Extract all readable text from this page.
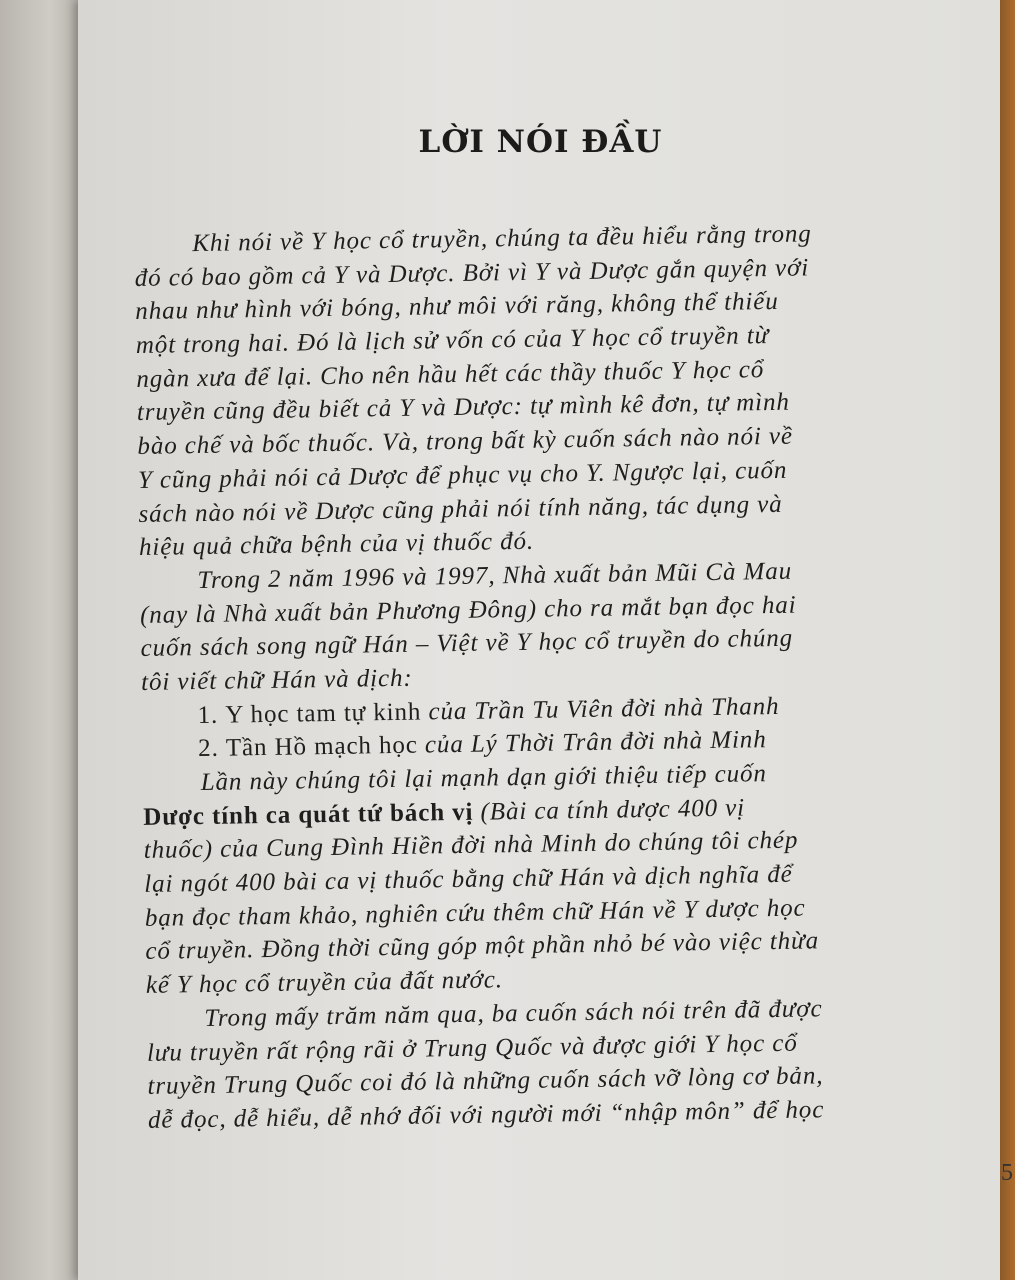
LỜI NÓI ĐẦU
Khi nói về Y học cổ truyền, chúng ta đều hiểu rằng trong
đó có bao gồm cả Y và Dược. Bởi vì Y và Dược gắn quyện với
nhau như hình với bóng, như môi với răng, không thể thiếu
một trong hai. Đó là lịch sử vốn có của Y học cổ truyền từ
ngàn xưa để lại. Cho nên hầu hết các thầy thuốc Y học cổ
truyền cũng đều biết cả Y và Dược: tự mình kê đơn, tự mình
bào chế và bốc thuốc. Và, trong bất kỳ cuốn sách nào nói về
Y cũng phải nói cả Dược để phục vụ cho Y. Ngược lại, cuốn
sách nào nói về Dược cũng phải nói tính năng, tác dụng và
hiệu quả chữa bệnh của vị thuốc đó.
Trong 2 năm 1996 và 1997, Nhà xuất bản Mũi Cà Mau
(nay là Nhà xuất bản Phương Đông) cho ra mắt bạn đọc hai
cuốn sách song ngữ Hán – Việt về Y học cổ truyền do chúng
tôi viết chữ Hán và dịch:
1. Y học tam tự kinh của Trần Tu Viên đời nhà Thanh
2. Tần Hồ mạch học của Lý Thời Trân đời nhà Minh
Lần này chúng tôi lại mạnh dạn giới thiệu tiếp cuốn
Dược tính ca quát tứ bách vị (Bài ca tính dược 400 vị
thuốc) của Cung Đình Hiền đời nhà Minh do chúng tôi chép
lại ngót 400 bài ca vị thuốc bằng chữ Hán và dịch nghĩa để
bạn đọc tham khảo, nghiên cứu thêm chữ Hán về Y dược học
cổ truyền. Đồng thời cũng góp một phần nhỏ bé vào việc thừa
kế Y học cổ truyền của đất nước.
Trong mấy trăm năm qua, ba cuốn sách nói trên đã được
lưu truyền rất rộng rãi ở Trung Quốc và được giới Y học cổ
truyền Trung Quốc coi đó là những cuốn sách vỡ lòng cơ bản,
dễ đọc, dễ hiểu, dễ nhớ đối với người mới “nhập môn” để học
5
